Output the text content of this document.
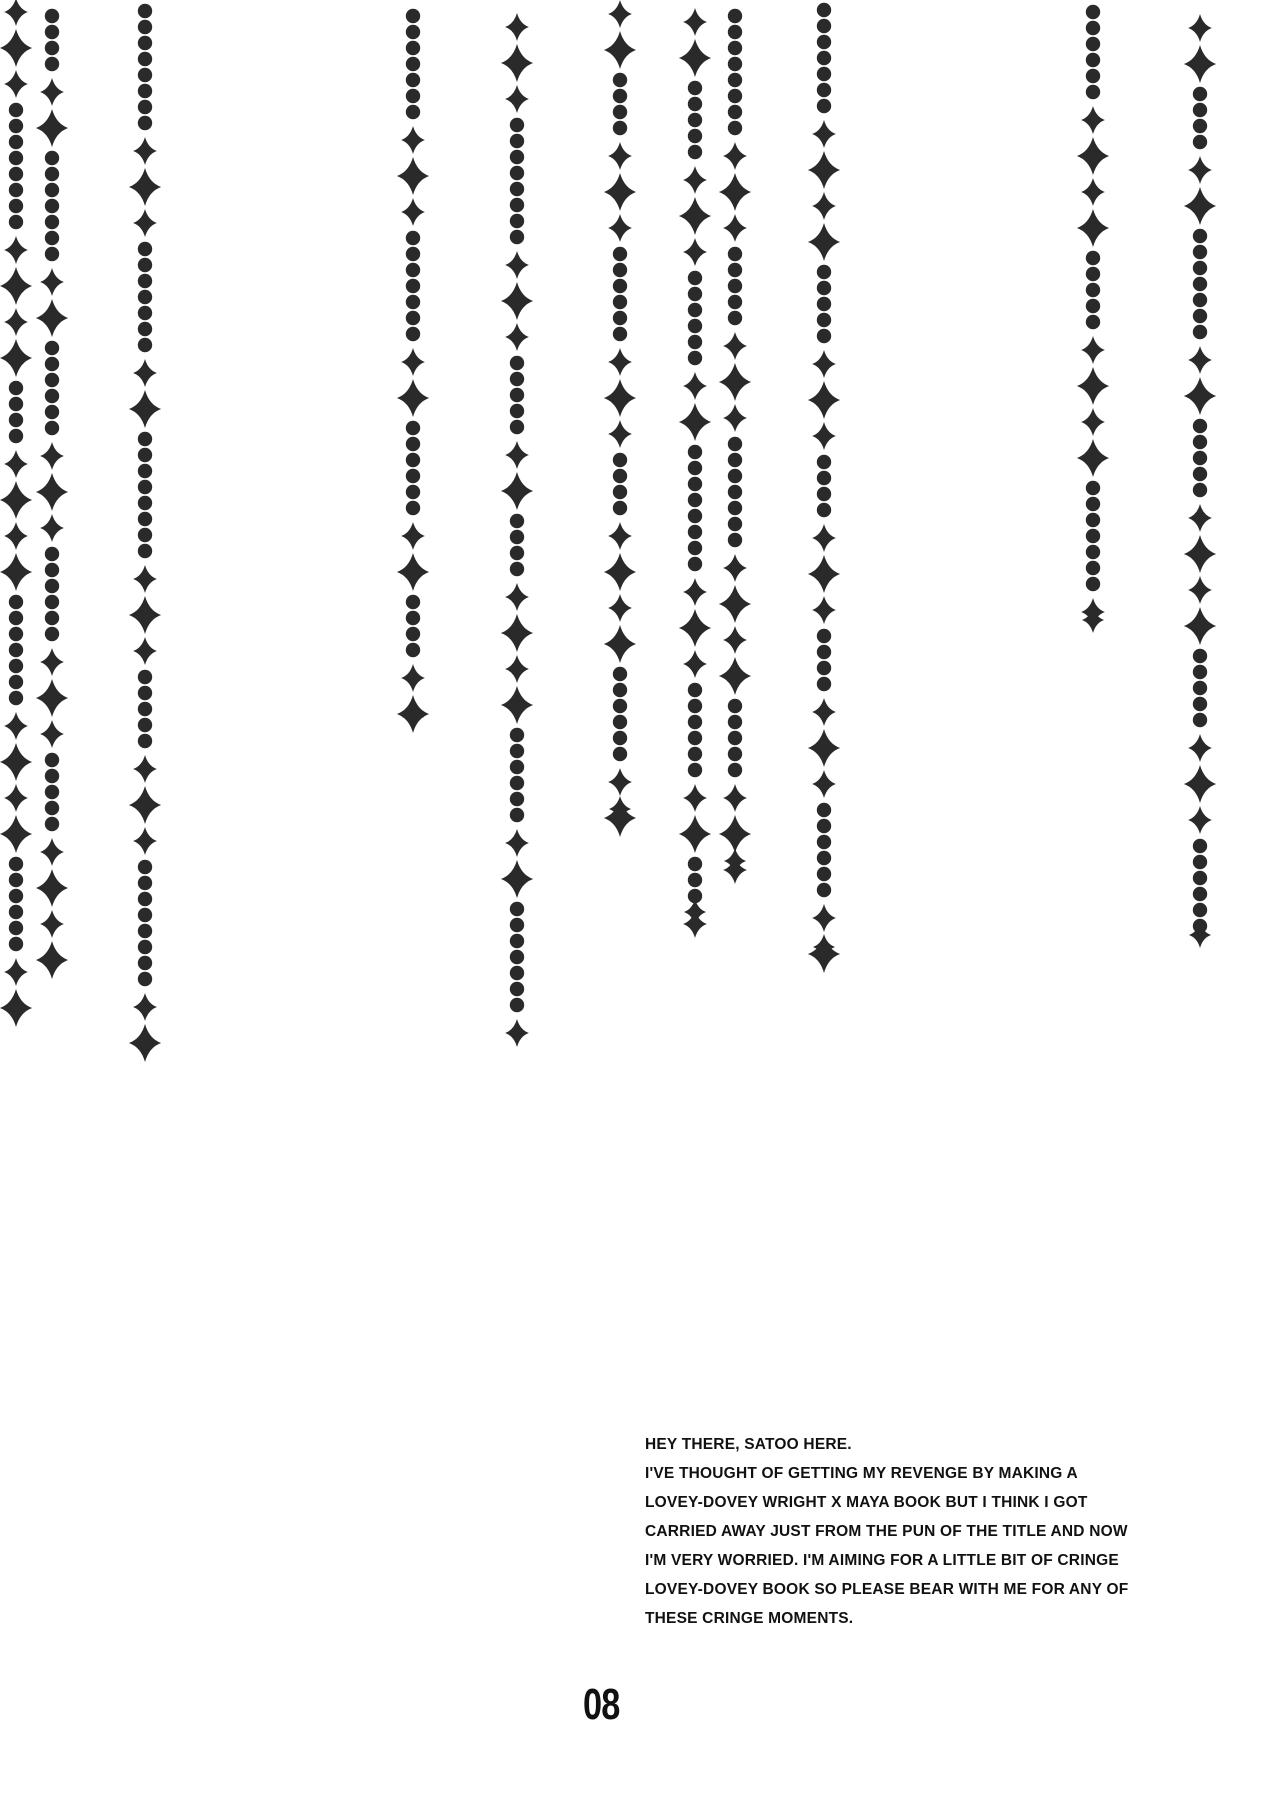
HEY THERE, SATOO HERE.
I'VE THOUGHT OF GETTING MY REVENGE BY MAKING A
LOVEY-DOVEY WRIGHT X MAYA BOOK BUT I THINK I GOT
CARRIED AWAY JUST FROM THE PUN OF THE TITLE AND NOW
I'M VERY WORRIED. I'M AIMING FOR A LITTLE BIT OF CRINGE
LOVEY-DOVEY BOOK SO PLEASE BEAR WITH ME FOR ANY OF
THESE CRINGE MOMENTS.
08
